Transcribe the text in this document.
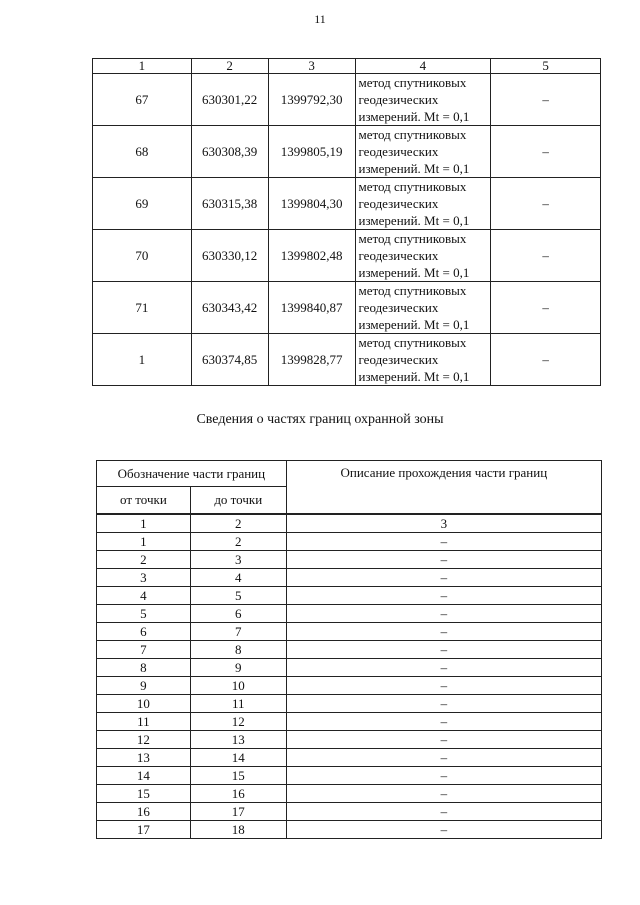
11
1	2	3	4	5
67	630301,22	1399792,30	метод спутниковых
геодезических
измерений. Mt = 0,1	–
68	630308,39	1399805,19	метод спутниковых
геодезических
измерений. Mt = 0,1	–
69	630315,38	1399804,30	метод спутниковых
геодезических
измерений. Mt = 0,1	–
70	630330,12	1399802,48	метод спутниковых
геодезических
измерений. Mt = 0,1	–
71	630343,42	1399840,87	метод спутниковых
геодезических
измерений. Mt = 0,1	–
1	630374,85	1399828,77	метод спутниковых
геодезических
измерений. Mt = 0,1	–
Сведения о частях границ охранной зоны
Обозначение части границ		Описание прохождения части границ
от точки	до точки	

1	2	3
1	2	–
2	3	–
3	4	–
4	5	–
5	6	–
6	7	–
7	8	–
8	9	–
9	10	–
10	11	–
11	12	–
12	13	–
13	14	–
14	15	–
15	16	–
16	17	–
17	18	–
